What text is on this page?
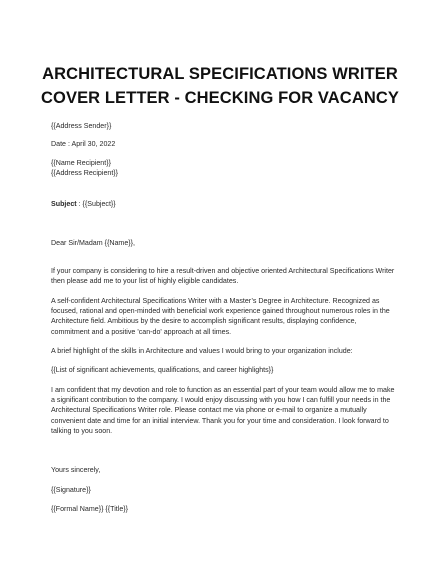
ARCHITECTURAL SPECIFICATIONS WRITER
COVER LETTER - CHECKING FOR VACANCY
{{Address Sender}}
Date : April 30, 2022
{{Name Recipient}}
{{Address Recipient}}
Subject : {{Subject}}
Dear Sir/Madam {{Name}},
If your company is considering to hire a result-driven and objective oriented Architectural Specifications Writer then please add me to your list of highly eligible candidates.
A self-confident Architectural Specifications Writer with a Master’s Degree in Architecture. Recognized as focused, rational and open-minded with beneficial work experience gained throughout numerous roles in the Architecture field. Ambitious by the desire to accomplish significant results, displaying confidence, commitment and a positive 'can-do' approach at all times.
A brief highlight of the skills in Architecture and values I would bring to your organization include:
{{List of significant achievements, qualifications, and career highlights}}
I am confident that my devotion and role to function as an essential part of your team would allow me to make a significant contribution to the company. I would enjoy discussing with you how I can fulfill your needs in the Architectural Specifications Writer role. Please contact me via phone or e-mail to organize a mutually convenient date and time for an initial interview. Thank you for your time and consideration. I look forward to talking to you soon.
Yours sincerely,
{{Signature}}
{{Formal Name}} {{Title}}
